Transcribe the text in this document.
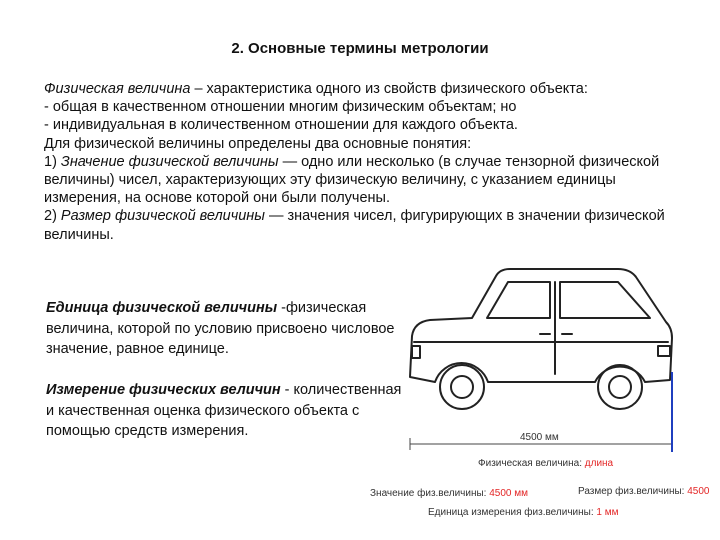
2. Основные термины метрологии

Физическая величина – характеристика одного из свойств физического объекта:

- общая в качественном отношении многим физическим объектам; но

- индивидуальная в количественном отношении для каждого объекта.

Для физической величины определены два основные понятия:

1) Значение физической величины — одно или несколько (в случае тензорной физической величины) чисел, характеризующих эту физическую величину, с указанием единицы измерения, на основе которой они были получены.

2) Размер физической величины — значения чисел, фигурирующих в значении физической величины.

Единица физической величины -физическая величина, которой по условию присвоено числовое значение, равное единице.

Измерение физических величин - количественная и качественная оценка физического объекта с помощью средств измерения.	4500 мм
Физическая величина: длина
Значение физ.величины: 4500 мм	Размер физ.величины: 4500
Единица измерения физ.величины: 1 мм
